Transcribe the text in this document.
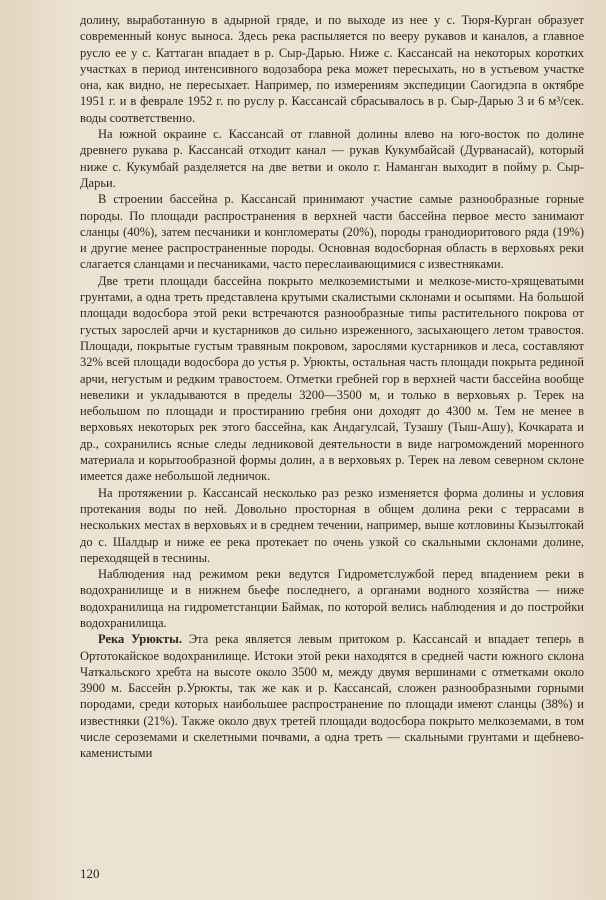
долину, выработанную в адырной гряде, и по выходе из нее у с. Тюря-Курган образует современный конус выноса. Здесь река распыляется по вееру рукавов и каналов, а главное русло ее у с. Каттаган впадает в р. Сыр-Дарью. Ниже с. Кассансай на некоторых коротких участках в период интенсивного водозабора река может пересыхать, но в устьевом участке она, как видно, не пересыхает. Например, по измерениям экспедиции Саогидэпа в октябре 1951 г. и в феврале 1952 г. по руслу р. Кассансай сбрасывалось в р. Сыр-Дарью 3 и 6 м³/сек. воды соответственно.

На южной окраине с. Кассансай от главной долины влево на юго-восток по долине древнего рукава р. Кассансай отходит канал — рукав Кукумбайсай (Дурванасай), который ниже с. Кукумбай разделяется на две ветви и около г. Наманган выходит в пойму р. Сыр-Дарьи.

В строении бассейна р. Кассансай принимают участие самые разнообразные горные породы. По площади распространения в верхней части бассейна первое место занимают сланцы (40%), затем песчаники и конгломераты (20%), породы гранодиоритового ряда (19%) и другие менее распространенные породы. Основная водосборная область в верховьях реки слагается сланцами и песчаниками, часто переслаивающимися с известняками.

Две трети площади бассейна покрыто мелкоземистыми и мелкозе-мисто-хрящеватыми грунтами, а одна треть представлена крутыми скалистыми склонами и осыпями. На большой площади водосбора этой реки встречаются разнообразные типы растительного покрова от густых зарослей арчи и кустарников до сильно изреженного, засыхающего летом травостоя. Площади, покрытые густым травяным покровом, зарослями кустарников и леса, составляют 32% всей площади водосбора до устья р. Урюкты, остальная часть площади покрыта рединой арчи, негустым и редким травостоем. Отметки гребней гор в верхней части бассейна вообще невелики и укладываются в пределы 3200—3500 м, и только в верховьях р. Терек на небольшом по площади и простиранию гребня они доходят до 4300 м. Тем не менее в верховьях некоторых рек этого бассейна, как Андагулсай, Тузашу (Тыш-Ашу), Кочкарата и др., сохранились ясные следы ледниковой деятельности в виде нагромождений моренного материала и корытообразной формы долин, а в верховьях р. Терек на левом северном склоне имеется даже небольшой ледничок.

На протяжении р. Кассансай несколько раз резко изменяется форма долины и условия протекания воды по ней. Довольно просторная в общем долина реки с террасами в нескольких местах в верховьях и в среднем течении, например, выше котловины Кызылтокай до с. Шалдыр и ниже ее река протекает по очень узкой со скальными склонами долине, переходящей в теснины.

Наблюдения над режимом реки ведутся Гидрометслужбой перед впадением реки в водохранилище и в нижнем бьефе последнего, а органами водного хозяйства — ниже водохранилища на гидрометстанции Баймак, по которой велись наблюдения и до постройки водохранилища.

Река Урюкты. Эта река является левым притоком р. Кассансай и впадает теперь в Ортотокайское водохранилище. Истоки этой реки находятся в средней части южного склона Чаткальского хребта на высоте около 3500 м, между двумя вершинами с отметками около 3900 м. Бассейн р.Урюкты, так же как и р. Кассансай, сложен разнообразными горными породами, среди которых наибольшее распространение по площади имеют сланцы (38%) и известняки (21%). Также около двух третей площади водосбора покрыто мелкоземами, в том числе сероземами и скелетными почвами, а одна треть — скальными грунтами и щебнево-каменистыми

120
